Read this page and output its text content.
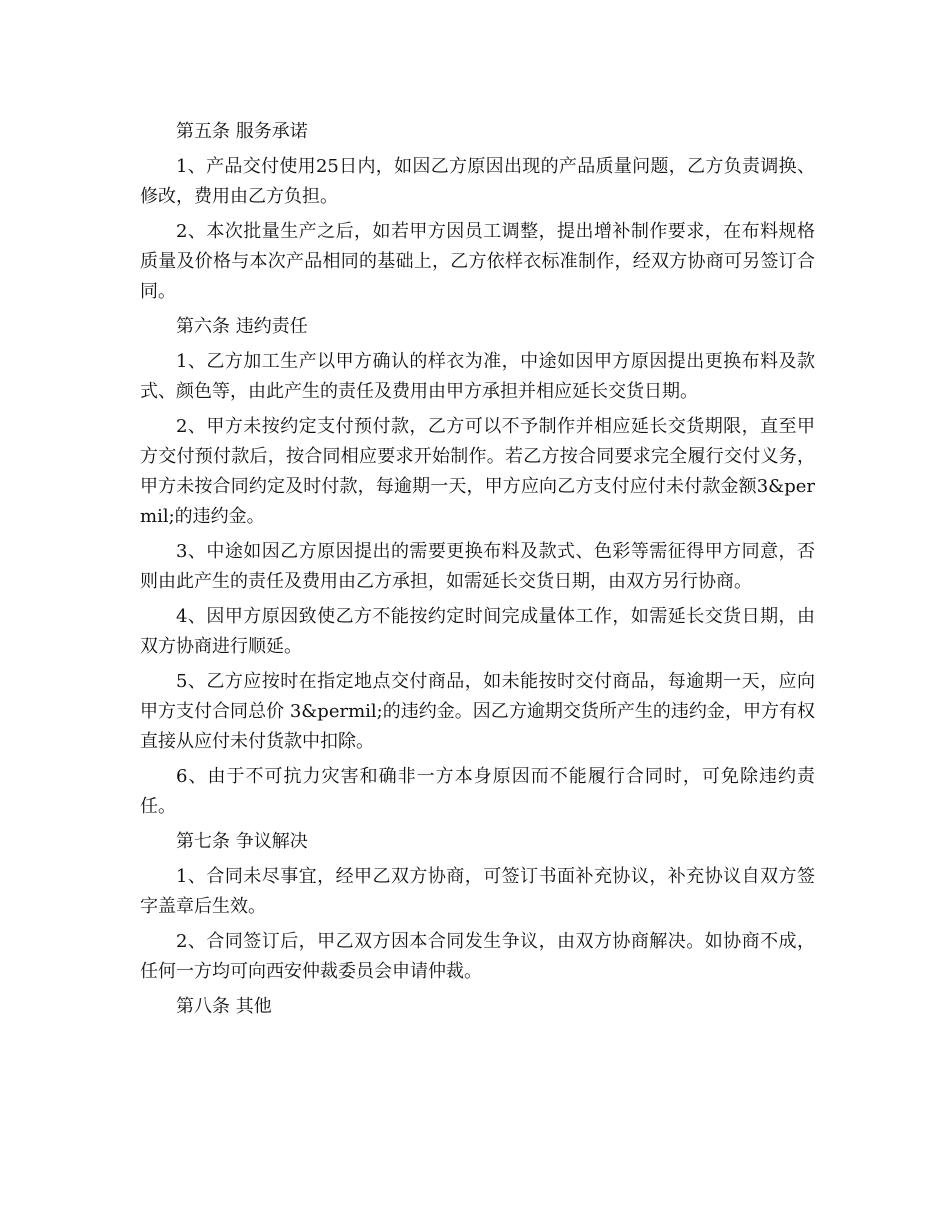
第五条 服务承诺

1、产品交付使用25日内，如因乙方原因出现的产品质量问题，乙方负责调换、修改，费用由乙方负担。

2、本次批量生产之后，如若甲方因员工调整，提出增补制作要求，在布料规格质量及价格与本次产品相同的基础上，乙方依样衣标准制作，经双方协商可另签订合同。

第六条 违约责任

1、乙方加工生产以甲方确认的样衣为准，中途如因甲方原因提出更换布料及款式、颜色等，由此产生的责任及费用由甲方承担并相应延长交货日期。

2、甲方未按约定支付预付款，乙方可以不予制作并相应延长交货期限，直至甲方交付预付款后，按合同相应要求开始制作。若乙方按合同要求完全履行交付义务，甲方未按合同约定及时付款，每逾期一天，甲方应向乙方支付应付未付款金额3&permil;的违约金。

3、中途如因乙方原因提出的需要更换布料及款式、色彩等需征得甲方同意，否则由此产生的责任及费用由乙方承担，如需延长交货日期，由双方另行协商。

4、因甲方原因致使乙方不能按约定时间完成量体工作，如需延长交货日期，由双方协商进行顺延。

5、乙方应按时在指定地点交付商品，如未能按时交付商品，每逾期一天，应向甲方支付合同总价 3&permil;的违约金。因乙方逾期交货所产生的违约金，甲方有权直接从应付未付货款中扣除。

6、由于不可抗力灾害和确非一方本身原因而不能履行合同时，可免除违约责任。

第七条 争议解决

1、合同未尽事宜，经甲乙双方协商，可签订书面补充协议，补充协议自双方签字盖章后生效。

2、合同签订后，甲乙双方因本合同发生争议，由双方协商解决。如协商不成，任何一方均可向西安仲裁委员会申请仲裁。

第八条 其他
